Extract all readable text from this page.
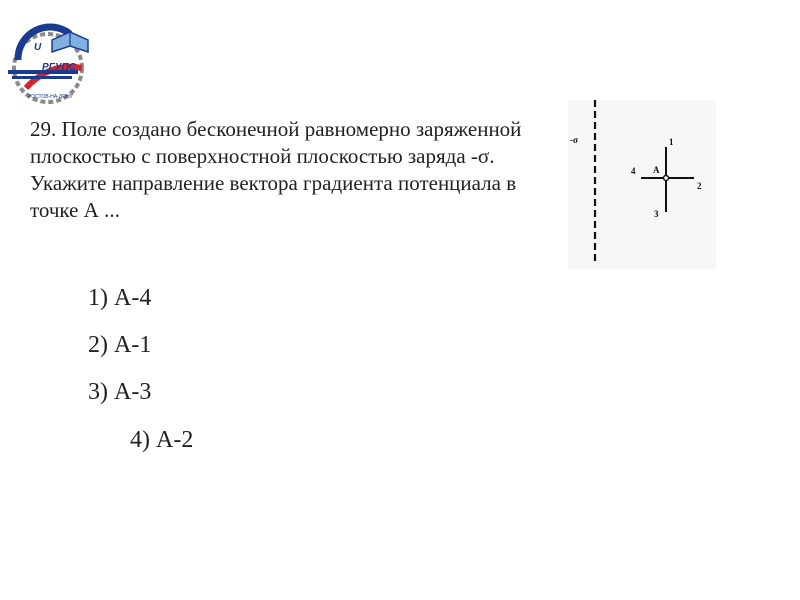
U
РГУПС
РОСТОВ-НА-ДОНУ
29. Поле создано бесконечной равномерно заряженной плоскостью с поверхностной плоскостью заряда -σ. Укажите направление вектора градиента потенциала в точке А ...
-σ
A
1
2
3
4
1) А-4
2) А-1
3) А-3
4) А-2
